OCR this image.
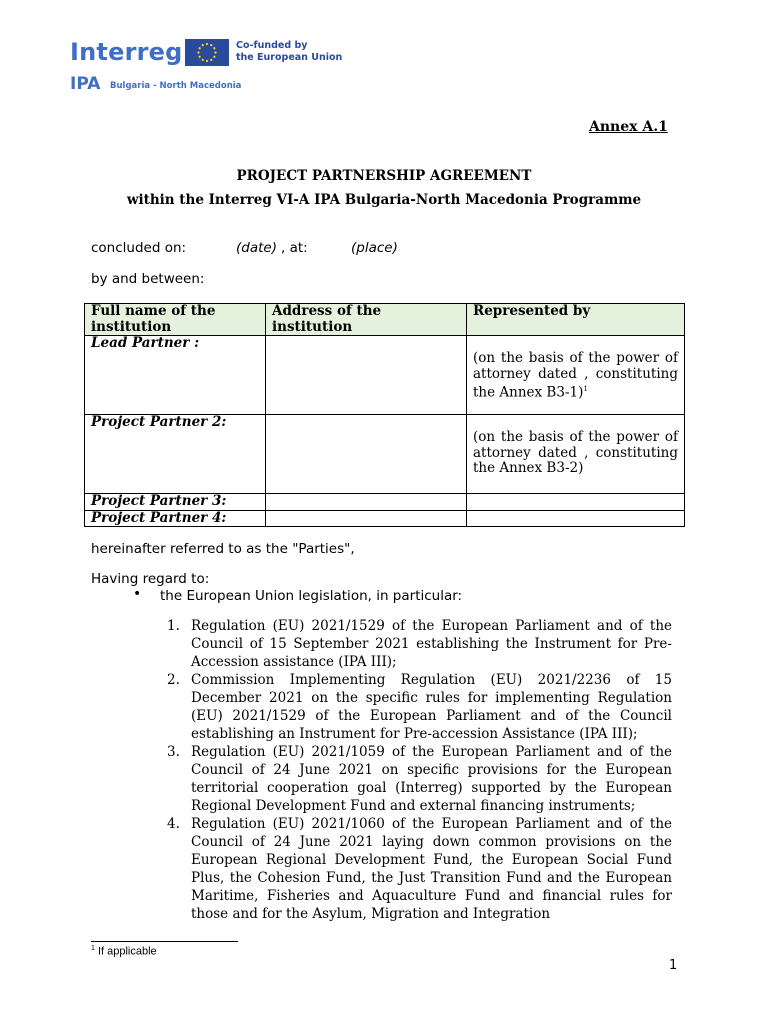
Interreg
IPA Bulgaria - North Macedonia
Co-funded by
the European Union
Annex A.1
PROJECT PARTNERSHIP AGREEMENT
within the Interreg VI-A IPA Bulgaria-North Macedonia Programme
concluded on:	(date) , at:	(place)
by and between:
Full name of the institution	Address of the institution	Represented by
Lead Partner :		(on the basis of the power of attorney dated , constituting the Annex B3-1)$^1$

Project Partner 2:		(on the basis of the power of attorney dated , constituting the Annex B3-2)

Project Partner 3:		
Project Partner 4:		
hereinafter referred to as the "Parties",
Having regard to:
• the European Union legislation, in particular:
1. Regulation (EU) 2021/1529 of the European Parliament and of the Council of 15 September 2021 establishing the Instrument for Pre-Accession assistance (IPA III);
2. Commission Implementing Regulation (EU) 2021/2236 of 15 December 2021 on the specific rules for implementing Regulation (EU) 2021/1529 of the European Parliament and of the Council establishing an Instrument for Pre-accession Assistance (IPA III);
3. Regulation (EU) 2021/1059 of the European Parliament and of the Council of 24 June 2021 on specific provisions for the European territorial cooperation goal (Interreg) supported by the European Regional Development Fund and external financing instruments;
4. Regulation (EU) 2021/1060 of the European Parliament and of the Council of 24 June 2021 laying down common provisions on the European Regional Development Fund, the European Social Fund Plus, the Cohesion Fund, the Just Transition Fund and the European Maritime, Fisheries and Aquaculture Fund and financial rules for those and for the Asylum, Migration and Integration
$^1$ If applicable
1
